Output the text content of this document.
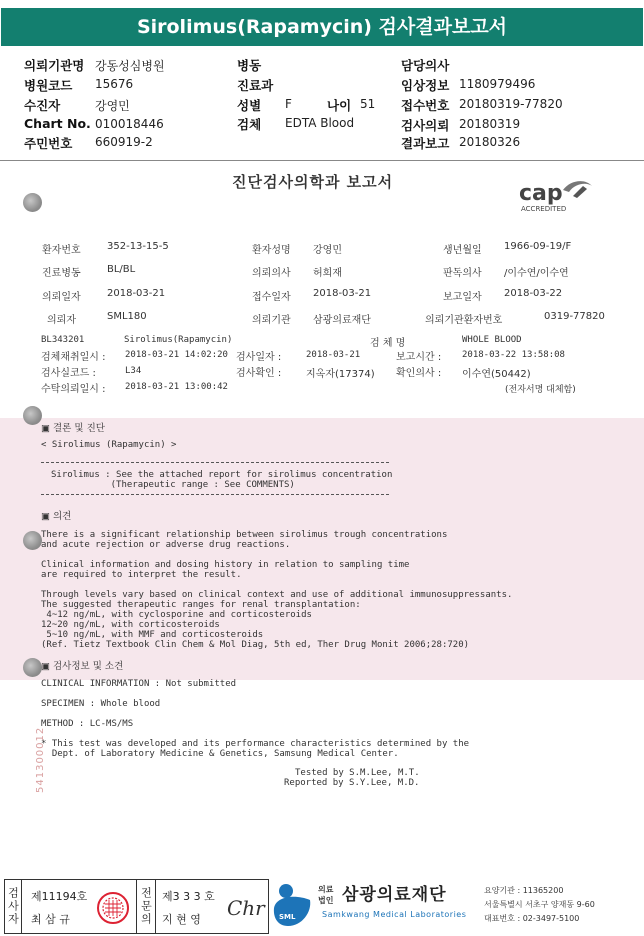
Sirolimus(Rapamycin) 검사결과보고서
의뢰기관명 강동성심병원
병원코드 15676
수진자	강영민
Chart No. 010018446
주민번호 660919-2
병동
진료과
성별 F	나이 51
검체 EDTA Blood
담당의사
임상정보 1180979496
접수번호 20180319-77820
검사의뢰 20180319
결과보고 20180326
진단검사의학과 보고서	cap
ACCREDITED
환자번호	352-13-15-5	환자성명 강영민	생년월일 1966-09-19/F
진료병동	BL/BL	의뢰의사 허희재	판독의사 /이수연/이수연
의뢰일자	2018-03-21	접수일자 2018-03-21	보고일자 2018-03-22
의뢰자	SML180	의뢰기관 삼광의료재단	의뢰기관환자번호	0319-77820
BL343201	Sirolimus(Rapamycin)	검 체 명	WHOLE BLOOD
검체채취일시 : 2018-03-21 14:02:20 검사일자 :	2018-03-21	보고시간 : 2018-03-22 13:58:08
검사실코드 :	L34	검사확인 : 지옥자(17374) 확인의사 : 이수연(50442)
수탁의뢰일시 : 2018-03-21 13:00:42	(전자서명 대체함)
▣ 결론 및 진단
< Sirolimus (Rapamycin) >
Sirolimus : See the attached report for sirolimus concentration
(Therapeutic range : See COMMENTS)
▣ 의견
There is a significant relationship between sirolimus trough concentrations
and acute rejection or adverse drug reactions.
Clinical information and dosing history in relation to sampling time
are required to interpret the result.
Through levels vary based on clinical context and use of additional immunosuppressants.
The suggested therapeutic ranges for renal transplantation:
4~12 ng/mL, with cyclosporine and corticosteroids
12~20 ng/mL, with corticosteroids
5~10 ng/mL, with MMF and corticosteroids
(Ref. Tietz Textbook Clin Chem & Mol Diag, 5th ed, Ther Drug Monit 2006;28:720)
▣ 검사정보 및 소견
CLINICAL INFORMATION : Not submitted
SPECIMEN : Whole blood
METHOD : LC-MS/MS
* This test was developed and its performance characteristics determined by the
Dept. of Laboratory Medicine & Genetics, Samsung Medical Center.
Tested by S.M.Lee, M.T.
Reported by S.Y.Lee, M.D.
541300012
검사자 제11194호
최 삼 규	전문의 제3 3 3 호
지 현 영 Chr SML
의료
법인 삼광의료재단
Samkwang Medical Laboratories
요양기관 : 11365200
서울특별시 서초구 양재동 9-60
대표번호 : 02-3497-5100
